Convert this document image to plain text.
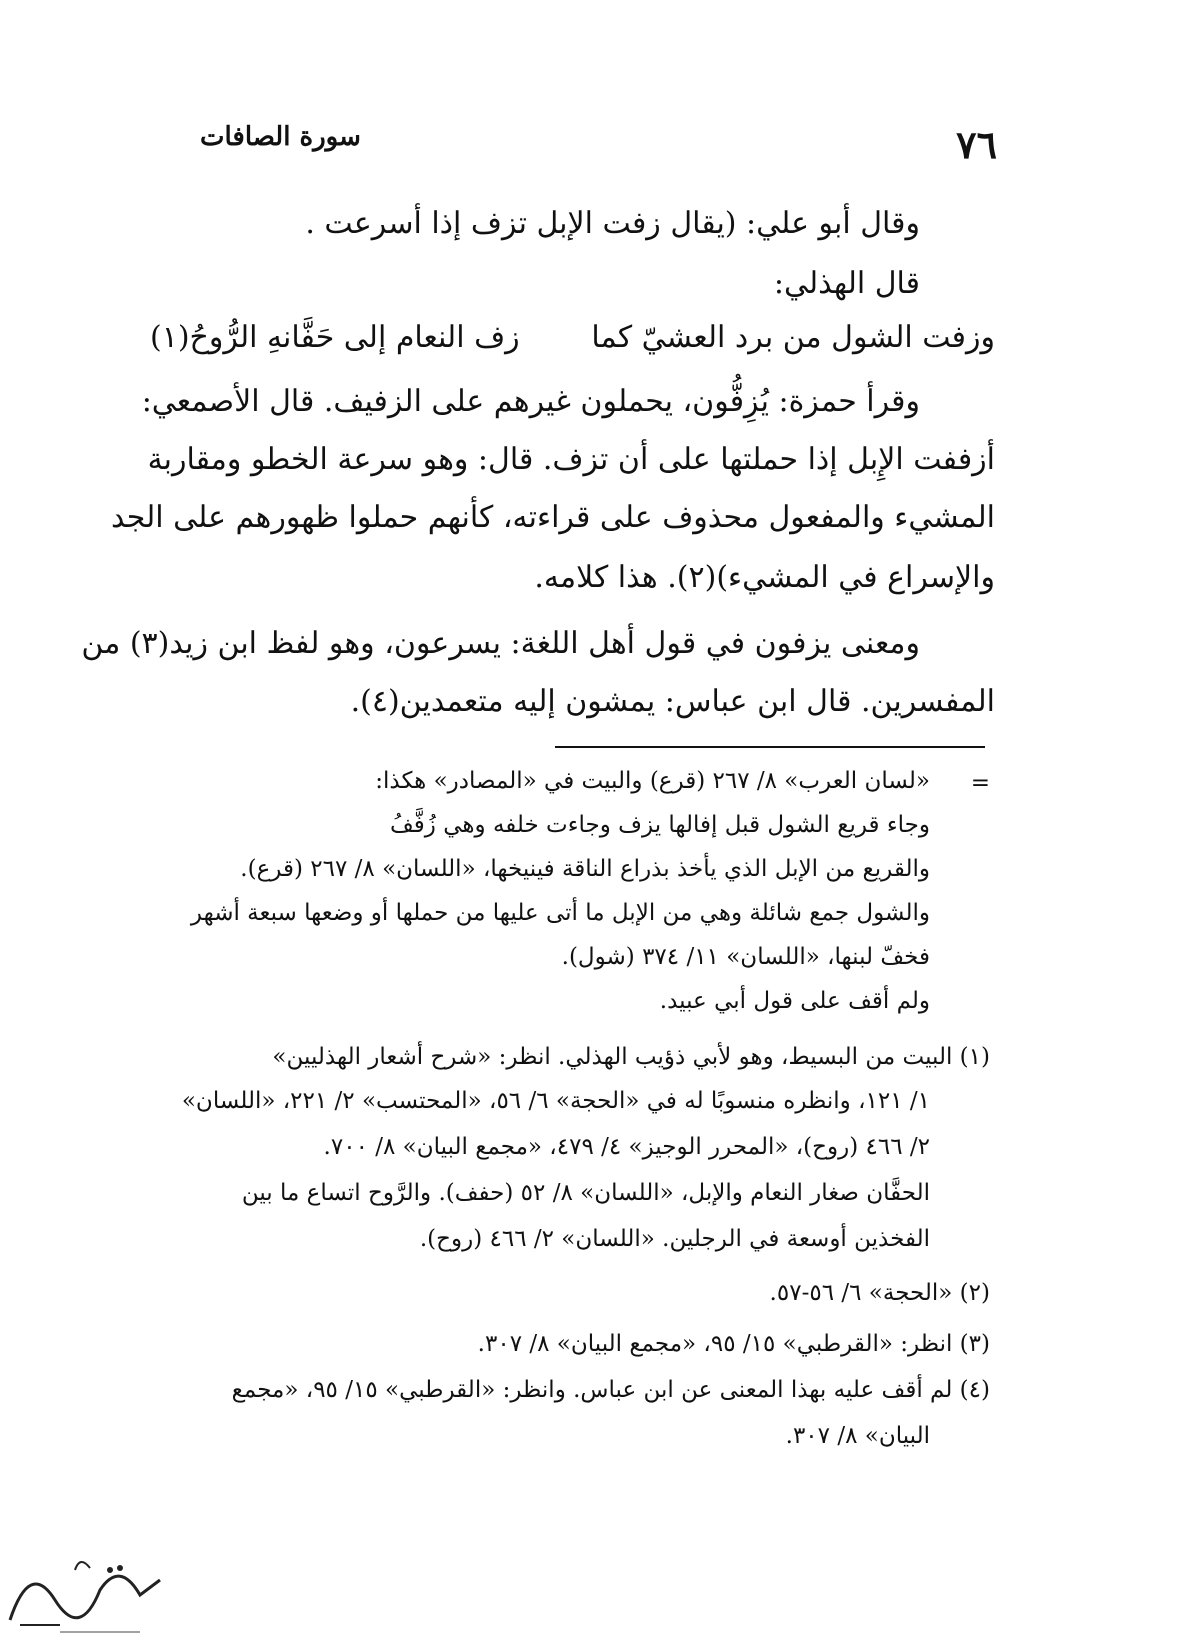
٧٦
سورة الصافات
وقال أبو علي: (يقال زفت الإبل تزف إذا أسرعت .
قال الهذلي:
وزفت الشول من برد العشيّ كما
زف النعام إلى حَفَّانهِ الرُّوحُ(١)
وقرأ حمزة: يُزِفُّون، يحملون غيرهم على الزفيف. قال الأصمعي:
أزففت الإِبل إذا حملتها على أن تزف. قال: وهو سرعة الخطو ومقاربة
المشيء والمفعول محذوف على قراءته، كأنهم حملوا ظهورهم على الجد
والإسراع في المشيء)(٢). هذا كلامه.
ومعنى يزفون في قول أهل اللغة: يسرعون، وهو لفظ ابن زيد(٣) من
المفسرين. قال ابن عباس: يمشون إليه متعمدين(٤).
=
«لسان العرب» ٨/ ٢٦٧ (قرع) والبيت في «المصادر» هكذا:
وجاء قريع الشول قبل إفالها يزف وجاءت خلفه وهي زُفَّفُ
والقريع من الإبل الذي يأخذ بذراع الناقة فينيخها، «اللسان» ٨/ ٢٦٧ (قرع).
والشول جمع شائلة وهي من الإبل ما أتى عليها من حملها أو وضعها سبعة أشهر
فخفّ لبنها، «اللسان» ١١/ ٣٧٤ (شول).
ولم أقف على قول أبي عبيد.
(١) البيت من البسيط، وهو لأبي ذؤيب الهذلي. انظر: «شرح أشعار الهذليين»
١/ ١٢١، وانظره منسوبًا له في «الحجة» ٦/ ٥٦، «المحتسب» ٢/ ٢٢١، «اللسان»
٢/ ٤٦٦ (روح)، «المحرر الوجيز» ٤/ ٤٧٩، «مجمع البيان» ٨/ ٧٠٠.
الحفَّان صغار النعام والإبل، «اللسان» ٨/ ٥٢ (حفف). والرَّوح اتساع ما بين
الفخذين أوسعة في الرجلين. «اللسان» ٢/ ٤٦٦ (روح).
(٢) «الحجة» ٦/ ٥٦-٥٧.
(٣) انظر: «القرطبي» ١٥/ ٩٥، «مجمع البيان» ٨/ ٣٠٧.
(٤) لم أقف عليه بهذا المعنى عن ابن عباس. وانظر: «القرطبي» ١٥/ ٩٥، «مجمع
البيان» ٨/ ٣٠٧.
